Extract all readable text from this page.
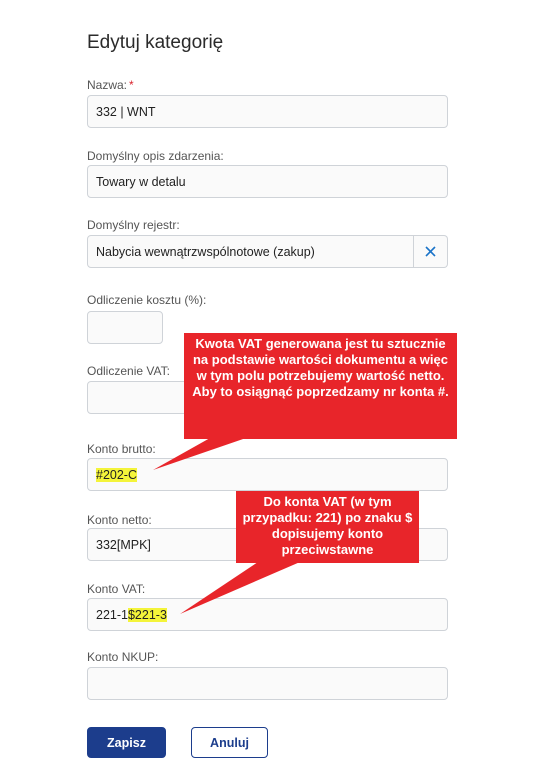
Edytuj kategorię
Nazwa: *
332 | WNT
Domyślny opis zdarzenia:
Towary w detalu
Domyślny rejestr:
Nabycia wewnątrzwspólnotowe (zakup)
Odliczenie kosztu (%):
Odliczenie VAT:
Konto brutto:
#202-C
Konto netto:
332[MPK]
Konto VAT:
221-1 $221-3
Konto NKUP:
Kwota VAT generowana jest tu sztucznie na podstawie wartości dokumentu a więc w tym polu potrzebujemy wartość netto. Aby to osiągnąć poprzedzamy nr konta #.
Do konta VAT (w tym przypadku: 221) po znaku $ dopisujemy konto przeciwstawne
Zapisz	Anuluj
